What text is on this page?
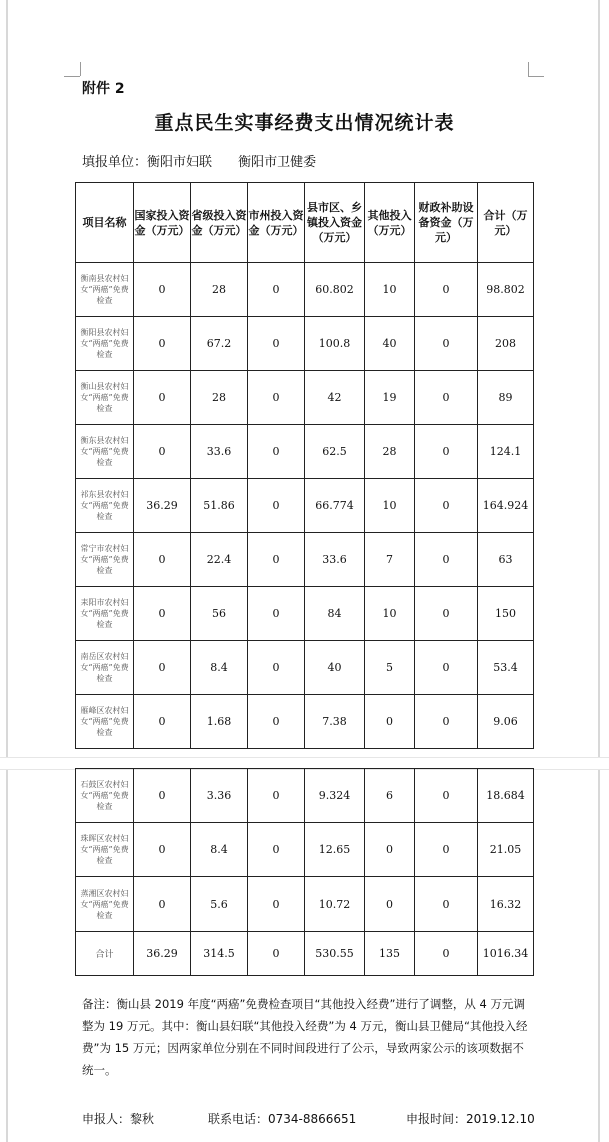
附件 2
重点民生实事经费支出情况统计表
填报单位：衡阳市妇联 衡阳市卫健委
项目名称	国家投入资金（万元）	省级投入资金（万元）	市州投入资金（万元）	县市区、乡镇投入资金（万元）	其他投入（万元）	财政补助设备资金（万元）	合计（万元）
衡南县农村妇女“两癌”免费检查	0	28	0	60.802	10	0	98.802
衡阳县农村妇女“两癌”免费检查	0	67.2	0	100.8	40	0	208
衡山县农村妇女“两癌”免费检查	0	28	0	42	19	0	89
衡东县农村妇女“两癌”免费检查	0	33.6	0	62.5	28	0	124.1
祁东县农村妇女“两癌”免费检查	36.29	51.86	0	66.774	10	0	164.924
常宁市农村妇女“两癌”免费检查	0	22.4	0	33.6	7	0	63
耒阳市农村妇女“两癌”免费检查	0	56	0	84	10	0	150
南岳区农村妇女“两癌”免费检查	0	8.4	0	40	5	0	53.4
雁峰区农村妇女“两癌”免费检查	0	1.68	0	7.38	0	0	9.06
石鼓区农村妇女“两癌”免费检查	0	3.36	0	9.324	6	0	18.684
珠晖区农村妇女“两癌”免费检查	0	8.4	0	12.65	0	0	21.05
蒸湘区农村妇女“两癌”免费检查	0	5.6	0	10.72	0	0	16.32
合计	36.29	314.5	0	530.55	135	0	1016.34
备注：衡山县 2019 年度“两癌”免费检查项目“其他投入经费”进行了调整，从 4 万元调整为 19 万元。其中：衡山县妇联“其他投入经费”为 4 万元，衡山县卫健局“其他投入经费”为 15 万元；因两家单位分别在不同时间段进行了公示，导致两家公示的该项数据不统一。
申报人：黎秋	联系电话：0734-8866651	申报时间：2019.12.10
